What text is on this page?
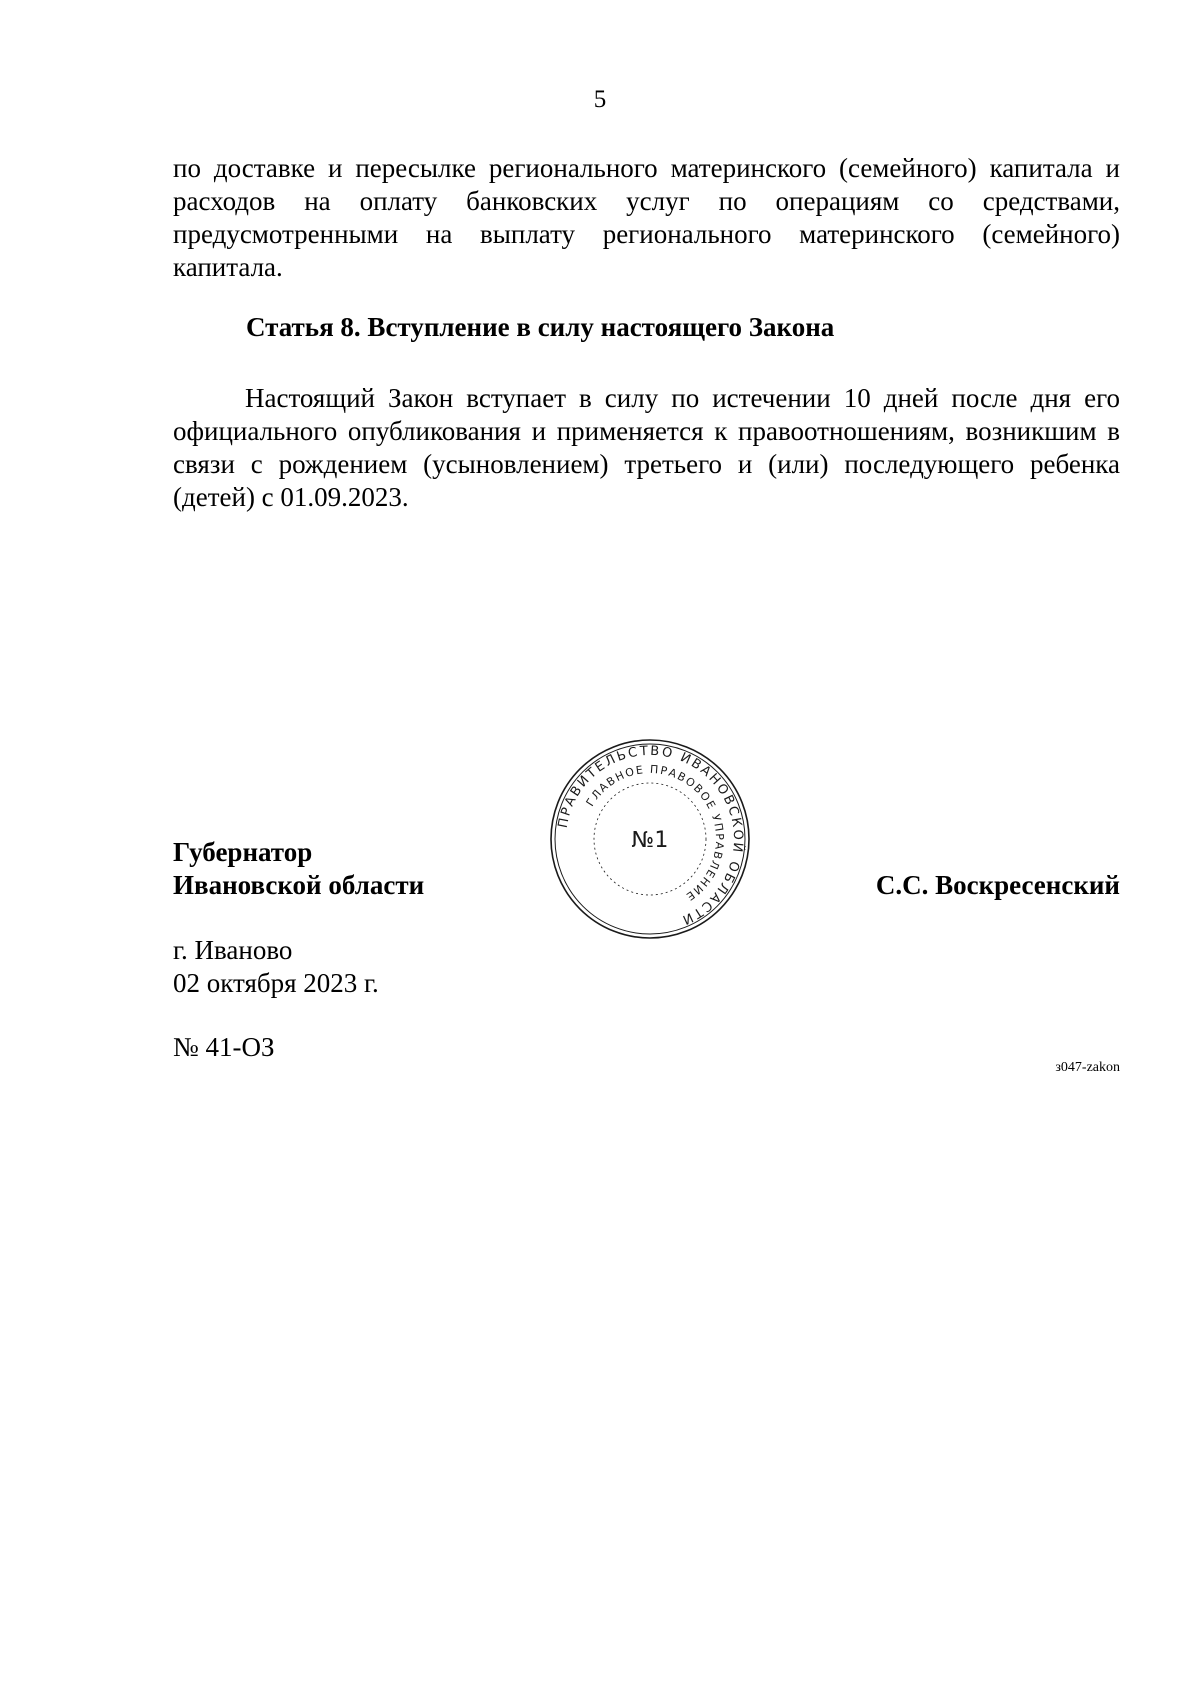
5

по доставке и пересылке регионального материнского (семейного) капитала и расходов на оплату банковских услуг по операциям со средствами, предусмотренными на выплату регионального материнского (семейного) капитала.

Статья 8. Вступление в силу настоящего Закона

Настоящий Закон вступает в силу по истечении 10 дней после дня его официального опубликования и применяется к правоотношениям, возникшим в связи с рождением (усыновлением) третьего и (или) последующего ребенка (детей) с 01.09.2023.

Губернатор
Ивановской области
ПРАВИТЕЛЬСТВО ИВАНОВСКОЙ ОБЛАСТИ
ГЛАВНОЕ ПРАВОВОЕ УПРАВЛЕНИЕ
№1
С.С. Воскресенский
г. Иваново
02 октября 2023 г.
№ 41-ОЗ
з047-zakon
